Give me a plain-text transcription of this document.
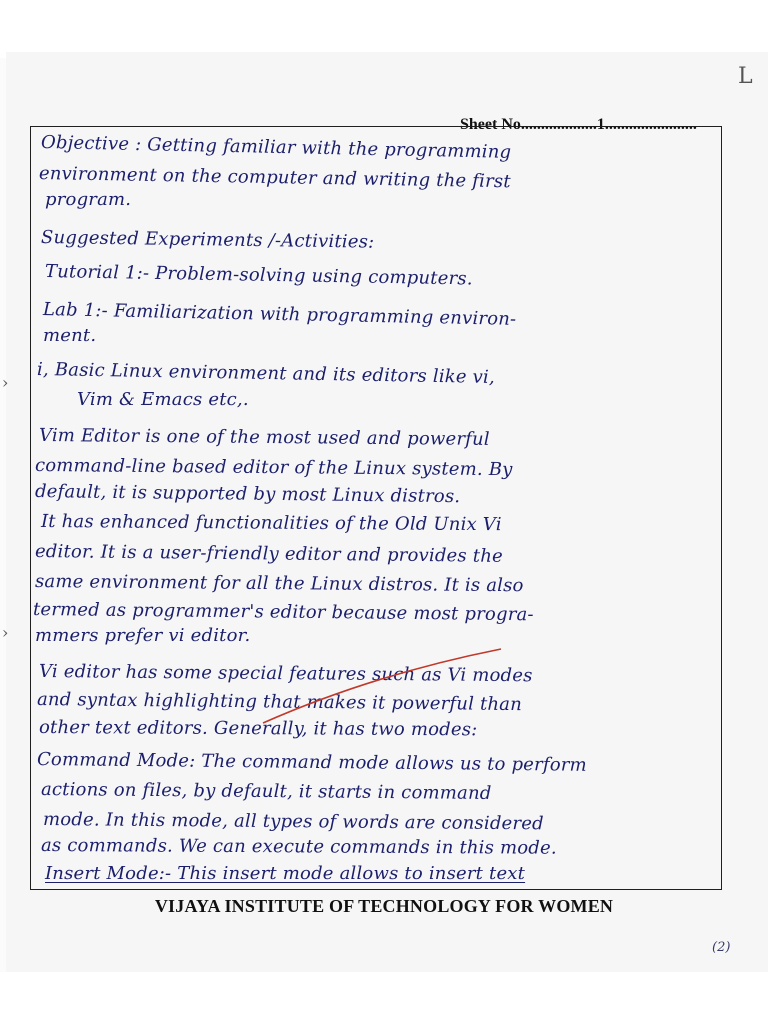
L
›
›
Sheet No...................1.......................
Objective : Getting familiar with the programming
environment on the computer and writing the first
program.
Suggested Experiments /-Activities:
Tutorial 1:- Problem-solving using computers.
Lab 1:- Familiarization with programming environ-
ment.
i, Basic Linux environment and its editors like vi,
Vim & Emacs etc,.
Vim Editor is one of the most used and powerful
command-line based editor of the Linux system. By
default, it is supported by most Linux distros.
It has enhanced functionalities of the Old Unix Vi
editor. It is a user-friendly editor and provides the
same environment for all the Linux distros. It is also
termed as programmer's editor because most progra-
mmers prefer vi editor.
Vi editor has some special features such as Vi modes
and syntax highlighting that makes it powerful than
other text editors. Generally, it has two modes:
Command Mode: The command mode allows us to perform
actions on files, by default, it starts in command
mode. In this mode, all types of words are considered
as commands. We can execute commands in this mode.
Insert Mode:- This insert mode allows to insert text
VIJAYA INSTITUTE OF TECHNOLOGY FOR WOMEN
(2)
